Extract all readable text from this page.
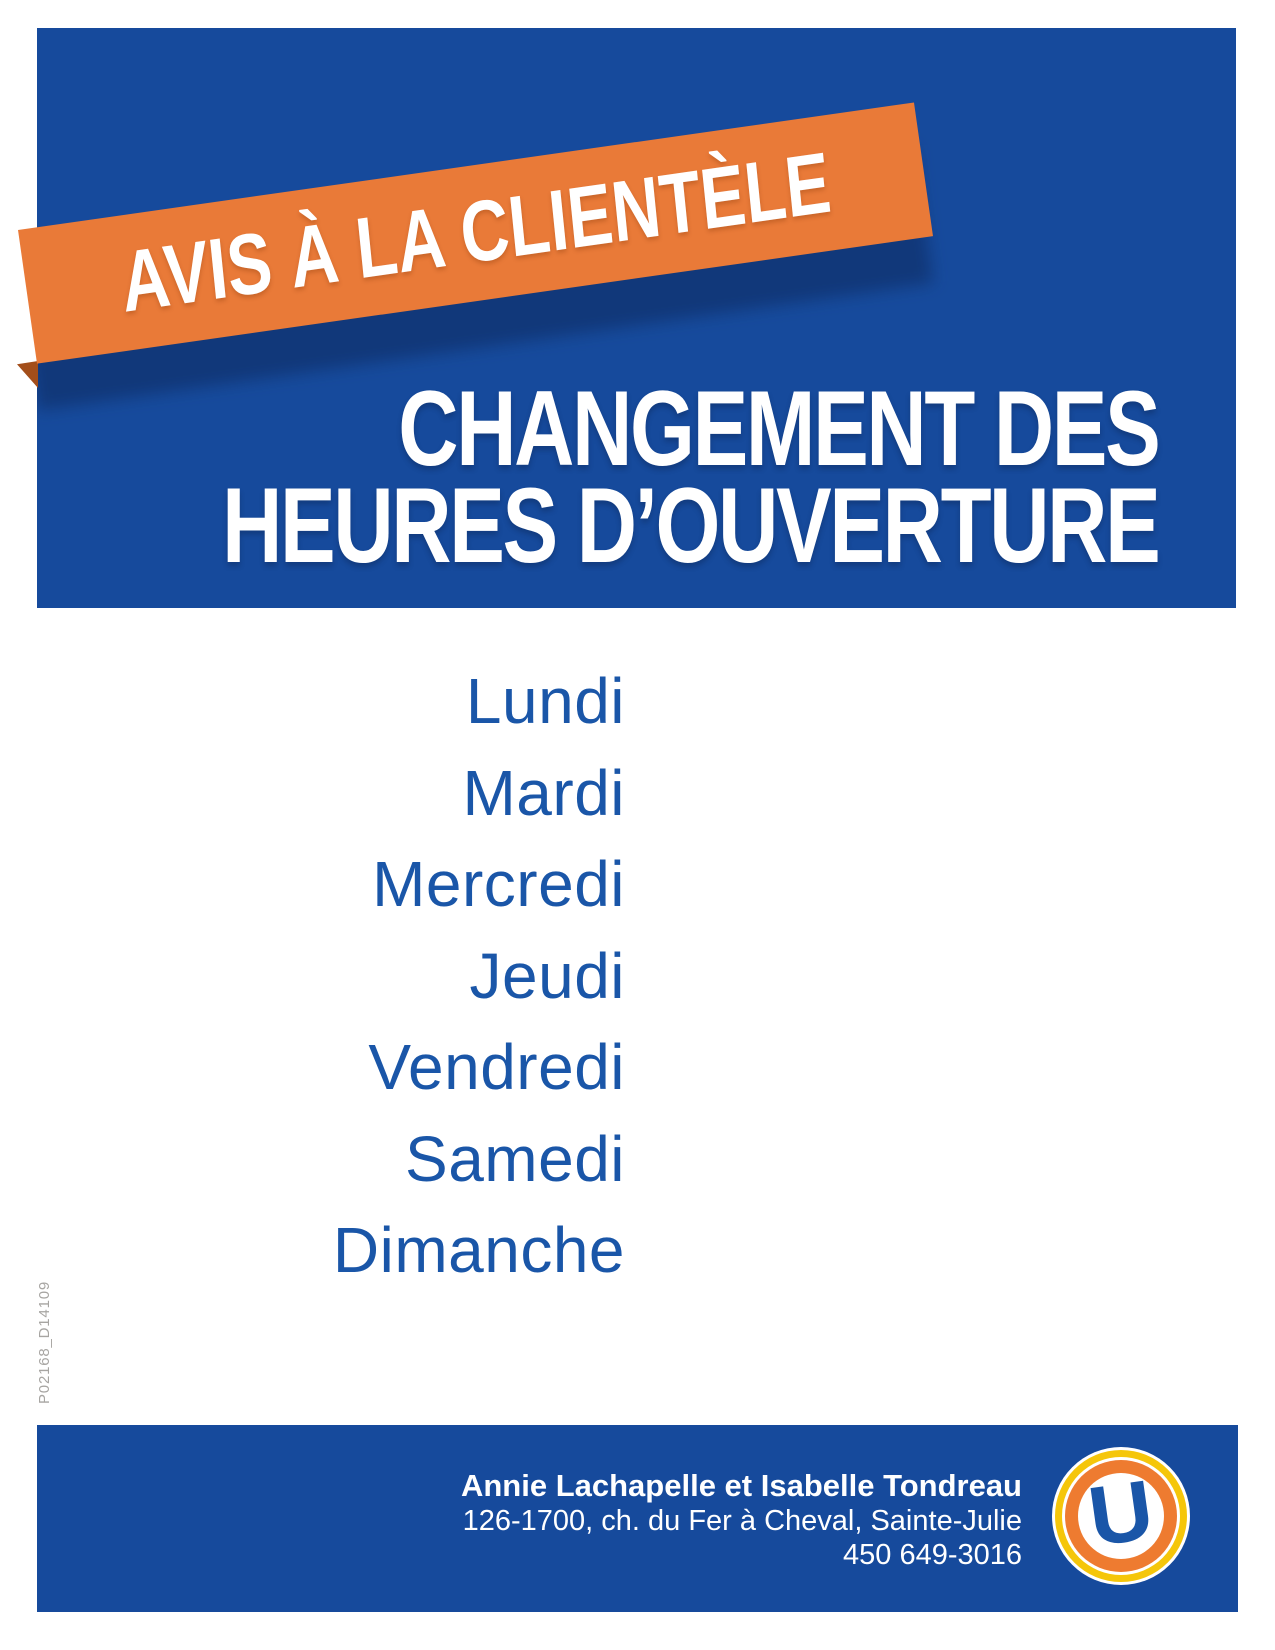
CHANGEMENT DES
HEURES D’OUVERTURE
AVIS À LA CLIENTÈLE
Lundi
Mardi
Mercredi
Jeudi
Vendredi
Samedi
Dimanche
P02168_D14109
Annie Lachapelle et Isabelle Tondreau
126-1700, ch. du Fer à Cheval, Sainte-Julie
450 649-3016 U
